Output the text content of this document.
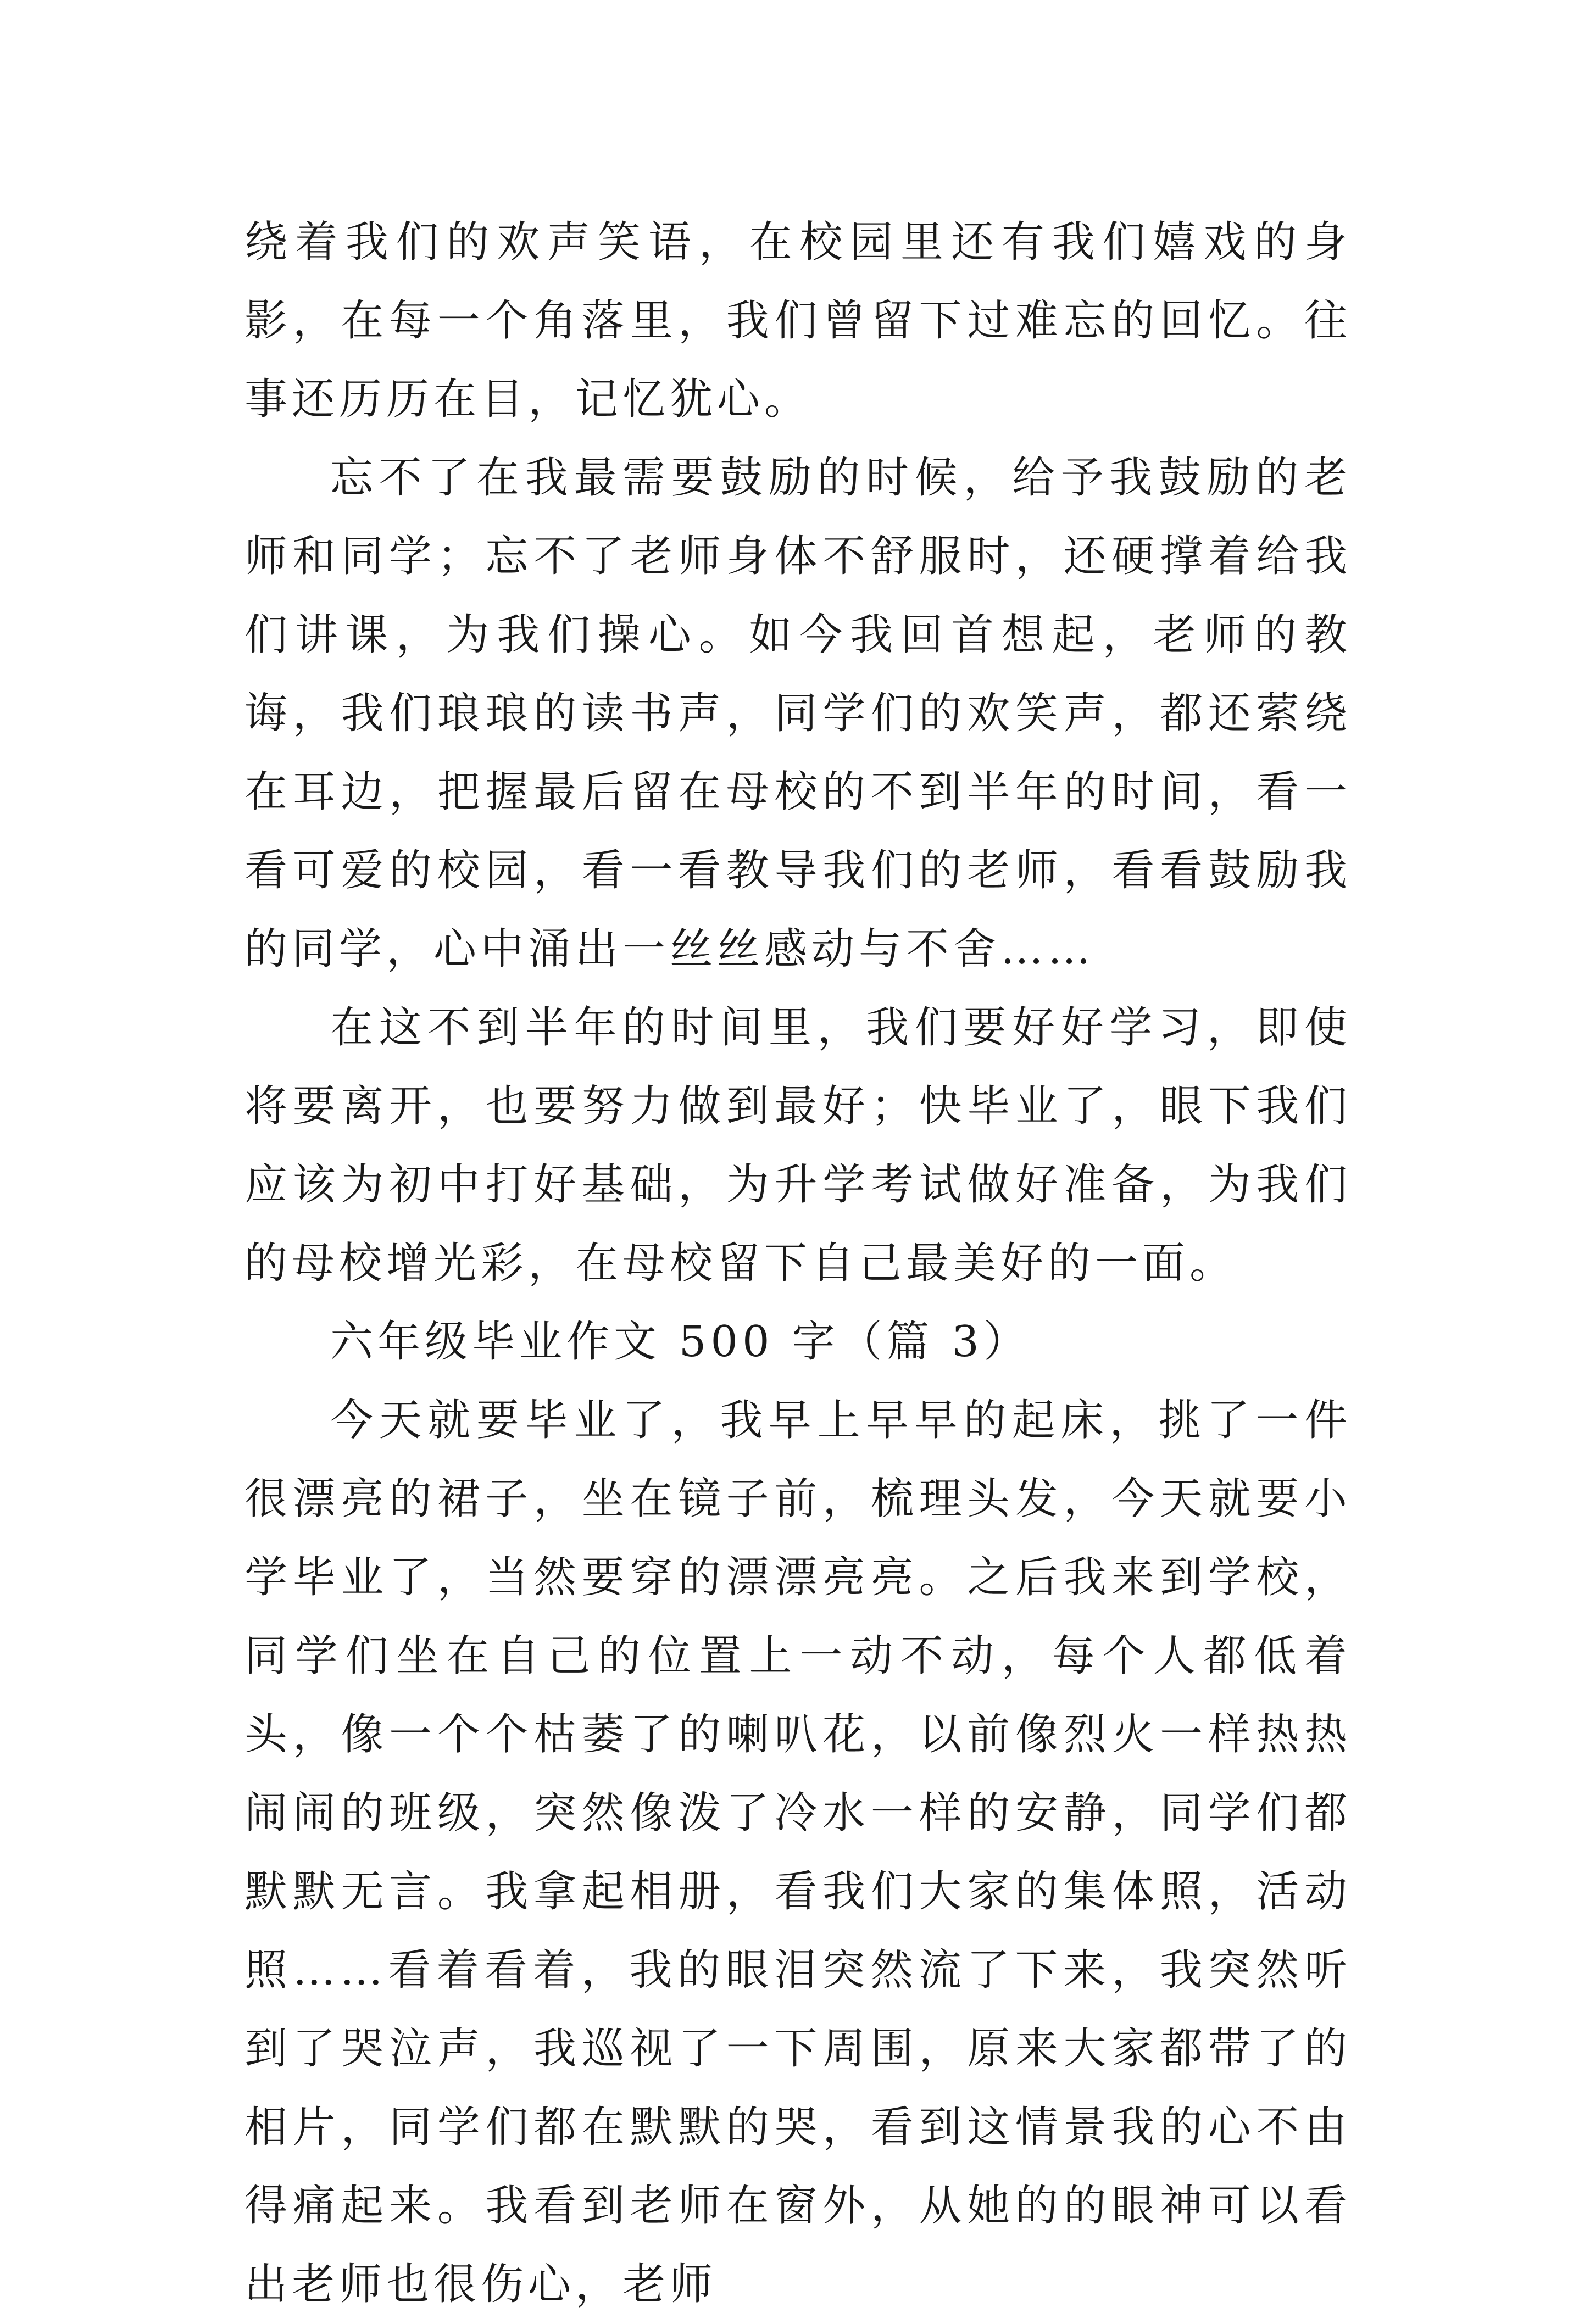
绕着我们的欢声笑语，在校园里还有我们嬉戏的身影，在每一个角落里，我们曾留下过难忘的回忆。往事还历历在目，记忆犹心。

忘不了在我最需要鼓励的时候，给予我鼓励的老师和同学；忘不了老师身体不舒服时，还硬撑着给我们讲课，为我们操心。如今我回首想起，老师的教诲，我们琅琅的读书声，同学们的欢笑声，都还萦绕在耳边，把握最后留在母校的不到半年的时间，看一看可爱的校园，看一看教导我们的老师，看看鼓励我的同学，心中涌出一丝丝感动与不舍……

在这不到半年的时间里，我们要好好学习，即使将要离开，也要努力做到最好；快毕业了，眼下我们应该为初中打好基础，为升学考试做好准备，为我们的母校增光彩，在母校留下自己最美好的一面。

六年级毕业作文 500 字（篇 3）

今天就要毕业了，我早上早早的起床，挑了一件很漂亮的裙子，坐在镜子前，梳理头发，今天就要小学毕业了，当然要穿的漂漂亮亮。之后我来到学校，同学们坐在自己的位置上一动不动，每个人都低着头，像一个个枯萎了的喇叭花，以前像烈火一样热热闹闹的班级，突然像泼了冷水一样的安静，同学们都默默无言。我拿起相册，看我们大家的集体照，活动照……看着看着，我的眼泪突然流了下来，我突然听到了哭泣声，我巡视了一下周围，原来大家都带了的相片，同学们都在默默的哭，看到这情景我的心不由得痛起来。我看到老师在窗外，从她的的眼神可以看出老师也很伤心，老师
